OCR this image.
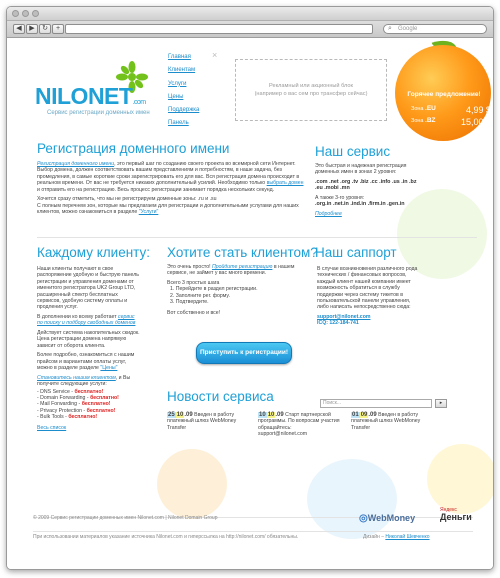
◀	▶	↻	+	⌕ Google
NILONET.com
Сервис регистрации доменных имен
Главная
Клиентам
Услуги
Цены
Поддержка
Панель
×
Рекламный или акционный блок
(например о вас сем про трансфер сейчас)	Горячее предложение!
Зона .EU	4,99 $
Зона .BZ	15,00 $
Регистрация доменного имени

Регистрация доменного имени, это первый шаг по созданию своего проекта во всемирной сети Интернет. Выбор домена, должен соответствовать вашим представлениям и потребностям, в наше задача, без промедления, в самые короткие сроки зарегистрировать его для вас. Вся регистрация домена происходит в реальном времени. От вас не требуется никаких дополнительный усилий. Необходимо только выбрать домен и отправить его на регистрацию. Весь процесс регистрации занимает порядка нескольких секунд.

Хочется сразу отметить, что мы не регистрируем доменные зоны: .ru и .su

С полным перечнем зон, которые мы предлагаем для регистрации и дополнительными услугами для наших клиентов, можно ознакомиться в разделе "Услуги"

Наш сервис

Это быстрая и надежная регистрация доменных имен в зонах 2 уровня:

.com .net .org .tv .biz .cc .info .us .in .bz .eu .mobi .mn

А также 3-го уровня:

.org.in .net.in .ind.in .firm.in .gen.in

Подробнее

Каждому клиенту:

Наши клиенты получают в свое распоряжение удобную и быструю панель регистрации и управления доменами от именитого регистратора UK2 Group LTD, расширенный спектр бесплатных сервисов, удобную систему оплаты и продления услуг.

В дополнении ко всему работает сервис по поиску и подбору свободных доменов

Действует система накопительных скидок. Цена регистрации домена напрямую зависит от оборота клиента.

Более подробно, ознакомиться с нашим прайсом и вариантами оплаты услуг, можно в разделе разделе "Цены"

Становитесь нашим клиентом, и Вы получите следующие услуги:

- DNS Service - бесплатно!
- Domain Forwarding - бесплатно!
- Mail Forwarding - бесплатно!
- Privacy Protection - бесплатно!
- Bulk Tools - бесплатно!

Весь список

Хотите стать клиентом?

Это очень просто! Пройдите регистрацию в нашем сервисе, не займет у вас много времени.

Всего 3 простых шага

1. Перейдите в раздел регистрации.
2. Заполните рег. форму.
3. Подтвердите.

Вот собственно и все!

Приступить к регистрации!
Наш саппорт

В случае возникновения различного рода технических / финансовых вопросов, каждый клиент нашей компании имеет возможность обратиться в службу поддержки через систему тикетов в пользовательской панели управления, либо написать непосредственно сюда:

support@nilonet.com

ICQ: 122-184-741

Поиск...	▸
Новости сервиса
25 10.09 Введен в работу платежный шлюз WebMoney Transfer
10 10.09 Старт партнерской программы. По вопросам участия обращайтесь: support@nilonet.com
01 09.09 Введен в работу платежный шлюз WebMoney Transfer
© 2009 Сервис регистрации доменных имен Nilonet.com | Nilonet Domain Group	◎WebMoney
Яндекс
Деньги
При использовании материалов указание источника Nilonet.com и гиперссылка на http://nilonet.com/ обязательны.	Дизайн – Николай Шевченко
